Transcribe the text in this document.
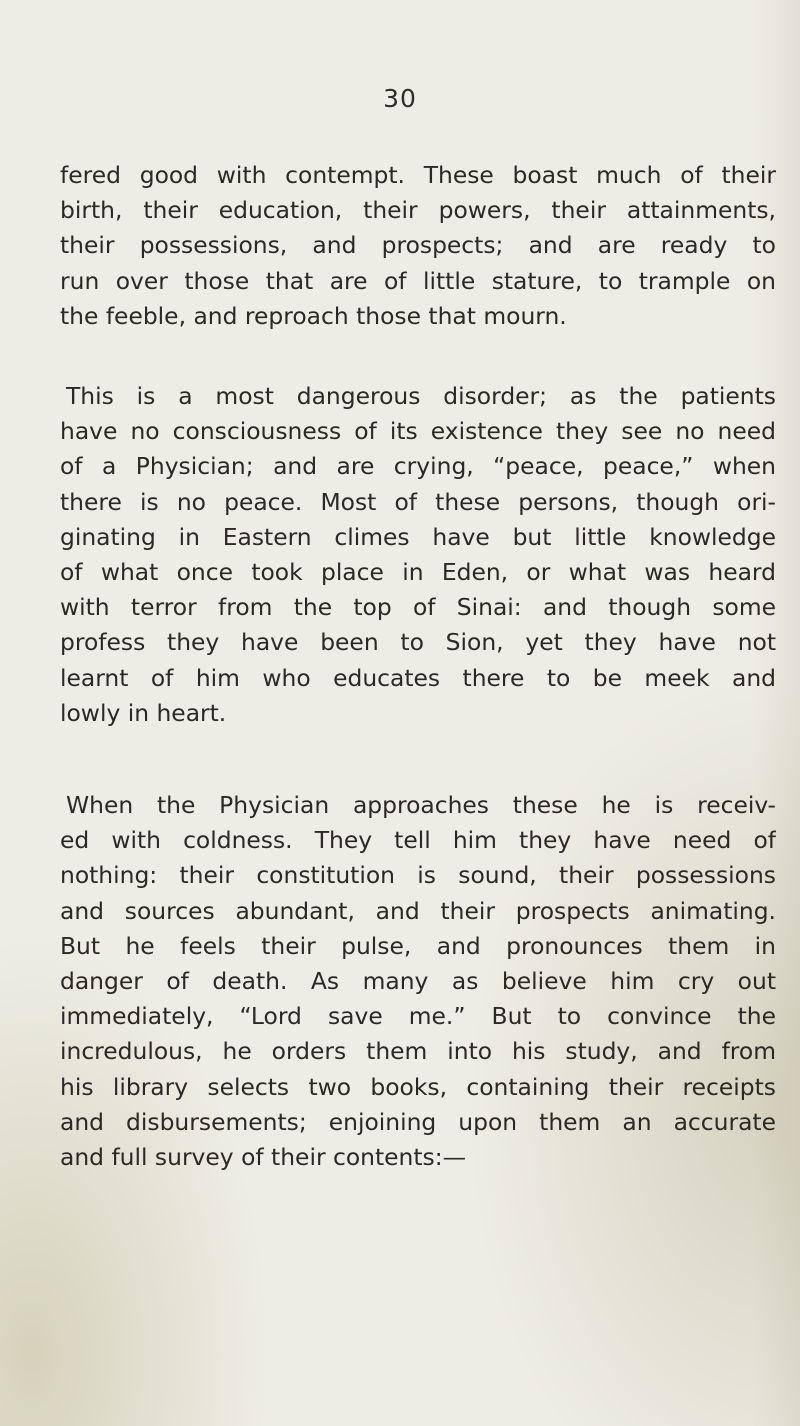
30
fered good with contempt. These boast much of their
birth, their education, their powers, their attainments,
their possessions, and prospects; and are ready to
run over those that are of little stature, to trample on
the feeble, and reproach those that mourn.
This is a most dangerous disorder; as the patients
have no consciousness of its existence they see no need
of a Physician; and are crying, “peace, peace,” when
there is no peace. Most of these persons, though ori-
ginating in Eastern climes have but little knowledge
of what once took place in Eden, or what was heard
with terror from the top of Sinai: and though some
profess they have been to Sion, yet they have not
learnt of him who educates there to be meek and
lowly in heart.
When the Physician approaches these he is receiv-
ed with coldness. They tell him they have need of
nothing: their constitution is sound, their possessions
and sources abundant, and their prospects animating.
But he feels their pulse, and pronounces them in
danger of death. As many as believe him cry out
immediately, “Lord save me.” But to convince the
incredulous, he orders them into his study, and from
his library selects two books, containing their receipts
and disbursements; enjoining upon them an accurate
and full survey of their contents:—
